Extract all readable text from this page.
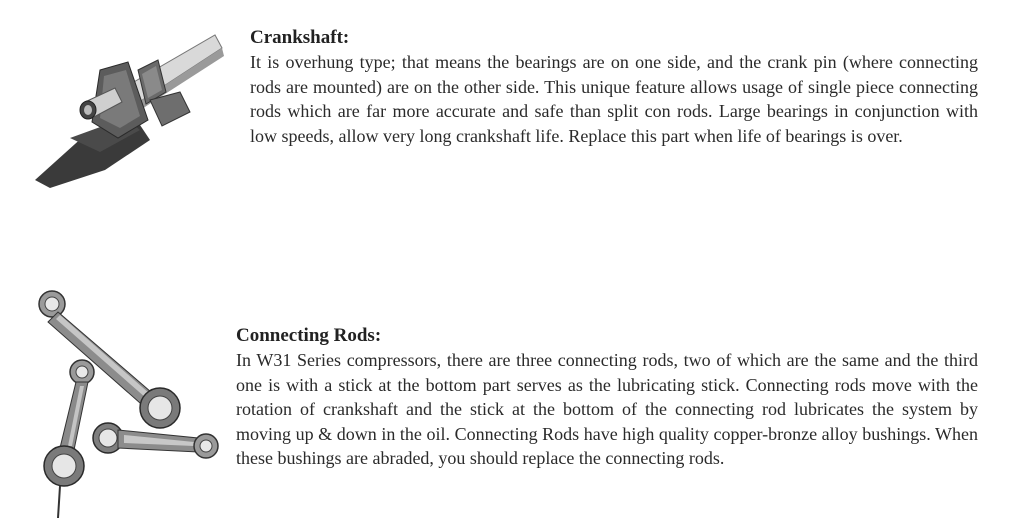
Crankshaft:

It is overhung type; that means the bearings are on one side, and the crank pin (where connecting rods are mounted) are on the other side. This unique feature allows usage of single piece connecting rods which are far more accurate and safe than split con rods. Large bearings in conjunction with low speeds, allow very long crankshaft life. Replace this part when life of bearings is over.

Connecting Rods:

In W31 Series compressors, there are three connecting rods, two of which are the same and the third one is with a stick at the bottom part serves as the lubricating stick. Connecting rods move with the rotation of crankshaft and the stick at the bottom of the connecting rod lubricates the system by moving up & down in the oil. Connecting Rods have high quality copper-bronze alloy bushings. When these bushings are abraded, you should replace the connecting rods.
